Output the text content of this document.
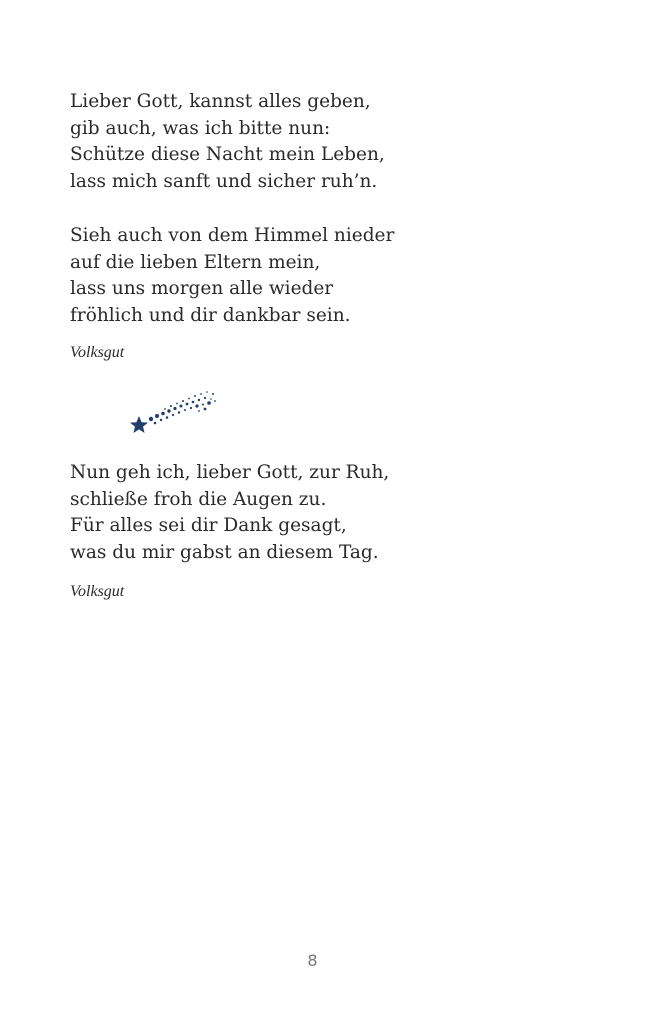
Lieber Gott, kannst alles geben,
gib auch, was ich bitte nun:
Schütze diese Nacht mein Leben,
lass mich sanft und sicher ruh’n.

Sieh auch von dem Himmel nieder
auf die lieben Eltern mein,
lass uns morgen alle wieder
fröhlich und dir dankbar sein.

Volksgut

Nun geh ich, lieber Gott, zur Ruh,
schließe froh die Augen zu.
Für alles sei dir Dank gesagt,
was du mir gabst an diesem Tag.

Volksgut
8
